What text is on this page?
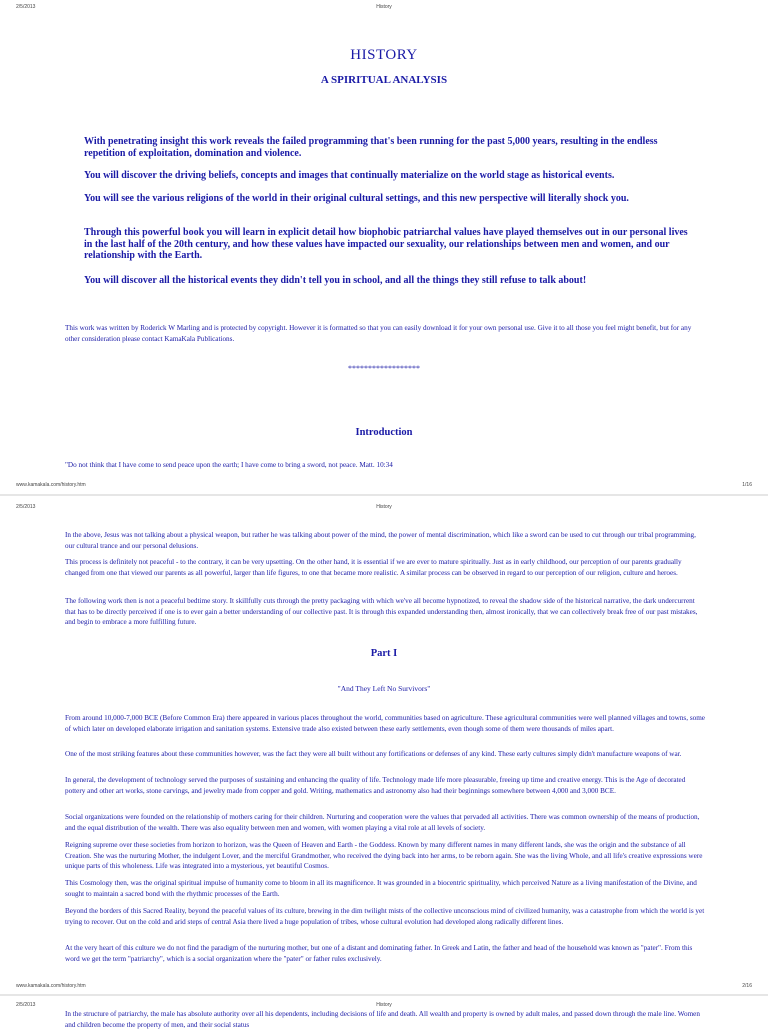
2/5/2013	History
HISTORY
A SPIRITUAL ANALYSIS

With penetrating insight this work reveals the failed programming that's been running for the past 5,000 years, resulting in the endless repetition of exploitation, domination and violence.

You will discover the driving beliefs, concepts and images that continually materialize on the world stage as historical events.

You will see the various religions of the world in their original cultural settings, and this new perspective will literally shock you.

Through this powerful book you will learn in explicit detail how biophobic patriarchal values have played themselves out in our personal lives in the last half of the 20th century, and how these values have impacted our sexuality, our relationships between men and women, and our relationship with the Earth.

You will discover all the historical events they didn't tell you in school, and all the things they still refuse to talk about!

This work was written by Roderick W Marling and is protected by copyright. However it is formatted so that you can easily download it for your own personal use. Give it to all those you feel might benefit, but for any other consideration please contact KamaKala Publications.

******************
Introduction

"Do not think that I have come to send peace upon the earth; I have come to bring a sword, not peace. Matt. 10:34

www.kamakala.com/history.htm	1/16
2/5/2013	History

In the above, Jesus was not talking about a physical weapon, but rather he was talking about power of the mind, the power of mental discrimination, which like a sword can be used to cut through our tribal programming, our cultural trance and our personal delusions.

This process is definitely not peaceful - to the contrary, it can be very upsetting. On the other hand, it is essential if we are ever to mature spiritually. Just as in early childhood, our perception of our parents gradually changed from one that viewed our parents as all powerful, larger than life figures, to one that became more realistic. A similar process can be observed in regard to our perception of our religion, culture and heroes.

The following work then is not a peaceful bedtime story. It skillfully cuts through the pretty packaging with which we've all become hypnotized, to reveal the shadow side of the historical narrative, the dark undercurrent that has to be directly perceived if one is to ever gain a better understanding of our collective past. It is through this expanded understanding then, almost ironically, that we can collectively break free of our past mistakes, and begin to embrace a more fulfilling future.

Part I
"And They Left No Survivors"

From around 10,000-7,000 BCE (Before Common Era) there appeared in various places throughout the world, communities based on agriculture. These agricultural communities were well planned villages and towns, some of which later on developed elaborate irrigation and sanitation systems. Extensive trade also existed between these early settlements, even though some of them were thousands of miles apart.

One of the most striking features about these communities however, was the fact they were all built without any fortifications or defenses of any kind. These early cultures simply didn't manufacture weapons of war.

In general, the development of technology served the purposes of sustaining and enhancing the quality of life. Technology made life more pleasurable, freeing up time and creative energy. This is the Age of decorated pottery and other art works, stone carvings, and jewelry made from copper and gold. Writing, mathematics and astronomy also had their beginnings somewhere between 4,000 and 3,000 BCE.

Social organizations were founded on the relationship of mothers caring for their children. Nurturing and cooperation were the values that pervaded all activities. There was common ownership of the means of production, and the equal distribution of the wealth. There was also equality between men and women, with women playing a vital role at all levels of society.

Reigning supreme over these societies from horizon to horizon, was the Queen of Heaven and Earth - the Goddess. Known by many different names in many different lands, she was the origin and the substance of all Creation. She was the nurturing Mother, the indulgent Lover, and the merciful Grandmother, who received the dying back into her arms, to be reborn again. She was the living Whole, and all life's creative expressions were unique parts of this wholeness. Life was integrated into a mysterious, yet beautiful Cosmos.

This Cosmology then, was the original spiritual impulse of humanity come to bloom in all its magnificence. It was grounded in a biocentric spirituality, which perceived Nature as a living manifestation of the Divine, and sought to maintain a sacred bond with the rhythmic processes of the Earth.

Beyond the borders of this Sacred Reality, beyond the peaceful values of its culture, brewing in the dim twilight mists of the collective unconscious mind of civilized humanity, was a catastrophe from which the world is yet trying to recover. Out on the cold and arid steps of central Asia there lived a huge population of tribes, whose cultural evolution had developed along radically different lines.

At the very heart of this culture we do not find the paradigm of the nurturing mother, but one of a distant and dominating father. In Greek and Latin, the father and head of the household was known as "pater". From this word we get the term "patriarchy", which is a social organization where the "pater" or father rules exclusively.

www.kamakala.com/history.htm	2/16
2/5/2013	History

In the structure of patriarchy, the male has absolute authority over all his dependents, including decisions of life and death. All wealth and property is owned by adult males, and passed down through the male line. Women and children become the property of men, and their social status
